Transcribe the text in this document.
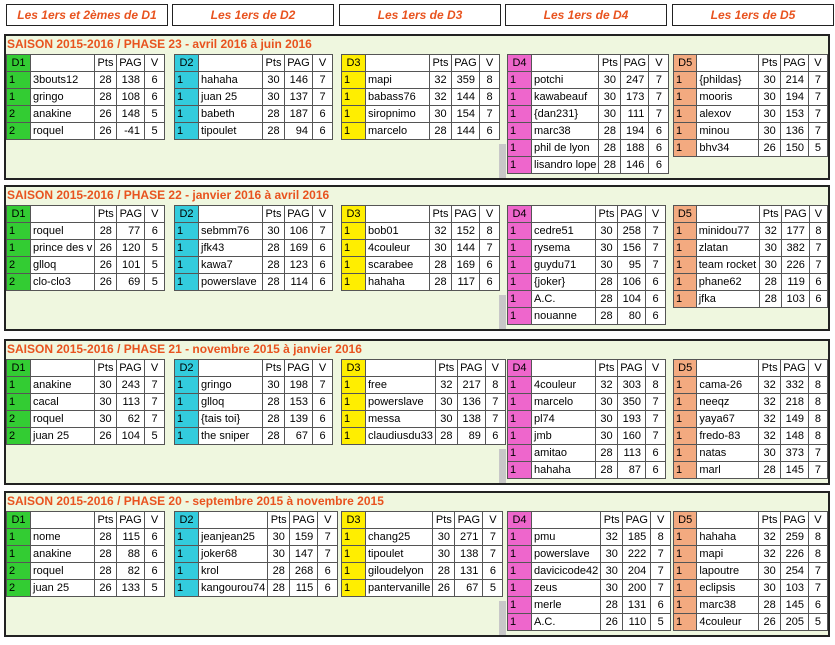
Les 1ers et 2èmes de D1	Les 1ers de D2	Les 1ers de D3	Les 1ers de D4	Les 1ers de D5
SAISON 2015-2016 / PHASE 23 - avril 2016 à juin 2016
D1		Pts	PAG	V
1	3bouts12	28	138	6
1	gringo	28	108	6
2	anakine	26	148	5
2	roquel	26	-41	5
D2		Pts	PAG	V
1	hahaha	30	146	7
1	juan 25	30	137	7
1	babeth	28	187	6
1	tipoulet	28	94	6
D3		Pts	PAG	V
1	mapi	32	359	8
1	babass76	32	144	8
1	siropnimo	30	154	7
1	marcelo	28	144	6
D4		Pts	PAG	V
1	potchi	30	247	7
1	kawabeauf	30	173	7
1	{dan231}	30	111	7
1	marc38	28	194	6
1	phil de lyon	28	188	6
1	lisandro lope	28	146	6
D5		Pts	PAG	V
1	{phildas}	30	214	7
1	mooris	30	194	7
1	alexov	30	153	7
1	minou	30	136	7
1	bhv34	26	150	5
SAISON 2015-2016 / PHASE 22 - janvier 2016 à avril 2016
D1		Pts	PAG	V
1	roquel	28	77	6
1	prince des v	26	120	5
2	glloq	26	101	5
2	clo-clo3	26	69	5
D2		Pts	PAG	V
1	sebmm76	30	106	7
1	jfk43	28	169	6
1	kawa7	28	123	6
1	powerslave	28	114	6
D3		Pts	PAG	V
1	bob01	32	152	8
1	4couleur	30	144	7
1	scarabee	28	169	6
1	hahaha	28	117	6
D4		Pts	PAG	V
1	cedre51	30	258	7
1	rysema	30	156	7
1	guydu71	30	95	7
1	{joker}	28	106	6
1	A.C.	28	104	6
1	nouanne	28	80	6
D5		Pts	PAG	V
1	minidou77	32	177	8
1	zlatan	30	382	7
1	team rocket	30	226	7
1	phane62	28	119	6
1	jfka	28	103	6
SAISON 2015-2016 / PHASE 21 - novembre 2015 à janvier 2016
D1		Pts	PAG	V
1	anakine	30	243	7
1	cacal	30	113	7
2	roquel	30	62	7
2	juan 25	26	104	5
D2		Pts	PAG	V
1	gringo	30	198	7
1	glloq	28	153	6
1	{tais toi}	28	139	6
1	the sniper	28	67	6
D3		Pts	PAG	V
1	free	32	217	8
1	powerslave	30	136	7
1	messa	30	138	7
1	claudiusdu33	28	89	6
D4		Pts	PAG	V
1	4couleur	32	303	8
1	marcelo	30	350	7
1	pl74	30	193	7
1	jmb	30	160	7
1	amitao	28	113	6
1	hahaha	28	87	6
D5		Pts	PAG	V
1	cama-26	32	332	8
1	neeqz	32	218	8
1	yaya67	32	149	8
1	fredo-83	32	148	8
1	natas	30	373	7
1	marl	28	145	7
SAISON 2015-2016 / PHASE 20 - septembre 2015 à novembre 2015
D1		Pts	PAG	V
1	nome	28	115	6
1	anakine	28	88	6
2	roquel	28	82	6
2	juan 25	26	133	5
D2		Pts	PAG	V
1	jeanjean25	30	159	7
1	joker68	30	147	7
1	krol	28	268	6
1	kangourou74	28	115	6
D3		Pts	PAG	V
1	chang25	30	271	7
1	tipoulet	30	138	7
1	giloudelyon	28	131	6
1	pantervanille	26	67	5
D4		Pts	PAG	V
1	pmu	32	185	8
1	powerslave	30	222	7
1	davicicode42	30	204	7
1	zeus	30	200	7
1	merle	28	131	6
1	A.C.	26	110	5
D5		Pts	PAG	V
1	hahaha	32	259	8
1	mapi	32	226	8
1	lapoutre	30	254	7
1	eclipsis	30	103	7
1	marc38	28	145	6
1	4couleur	26	205	5
